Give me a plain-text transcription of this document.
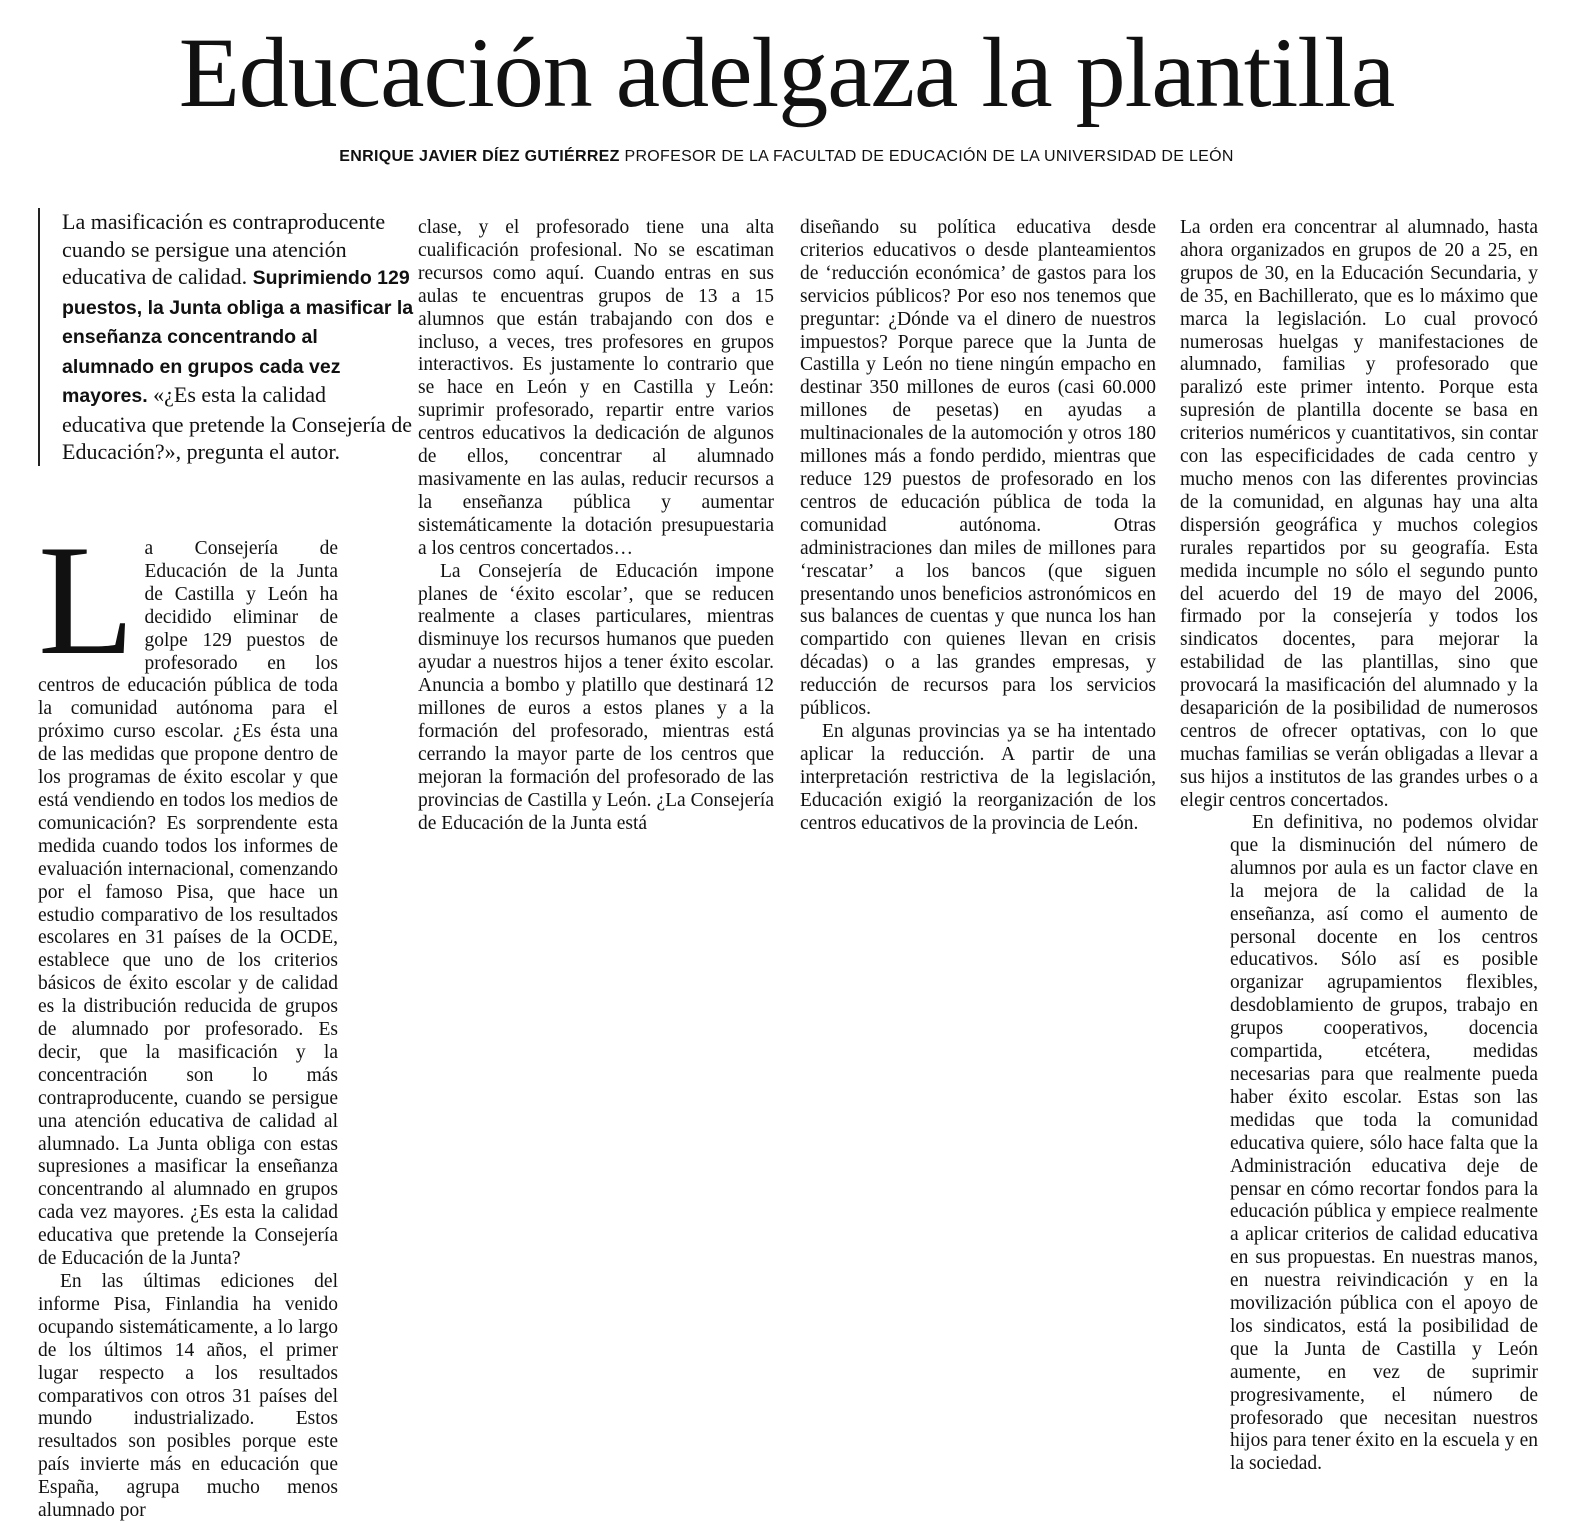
Educación adelgaza la plantilla
ENRIQUE JAVIER DÍEZ GUTIÉRREZ PROFESOR DE LA FACULTAD DE EDUCACIÓN DE LA UNIVERSIDAD DE LEÓN
La masificación es contraproducente cuando se persigue una atención educativa de calidad. Suprimiendo 129 puestos, la Junta obliga a masificar la enseñanza concentrando al alumnado en grupos cada vez mayores. «¿Es esta la calidad educativa que pretende la Consejería de Educación?», pregunta el autor.

La Consejería de Educación de la Junta de Castilla y León ha decidido eliminar de golpe 129 puestos de profesorado en los centros de educación pública de toda la comunidad autónoma para el próximo curso escolar. ¿Es ésta una de las medidas que propone dentro de los programas de éxito escolar y que está vendiendo en todos los medios de comunicación? Es sorprendente esta medida cuando todos los informes de evaluación internacional, comenzando por el famoso Pisa, que hace un estudio comparativo de los resultados escolares en 31 países de la OCDE, establece que uno de los criterios básicos de éxito escolar y de calidad es la distribución reducida de grupos de alumnado por profesorado. Es decir, que la masificación y la concentración son lo más contraproducente, cuando se persigue una atención educativa de calidad al alumnado. La Junta obliga con estas supresiones a masificar la enseñanza concentrando al alumnado en grupos cada vez mayores. ¿Es esta la calidad educativa que pretende la Consejería de Educación de la Junta?

En las últimas ediciones del informe Pisa, Finlandia ha venido ocupando sistemáticamente, a lo largo de los últimos 14 años, el primer lugar respecto a los resultados comparativos con otros 31 países del mundo industrializado. Estos resultados son posibles porque este país invierte más en educación que España, agrupa mucho menos alumnado por

clase, y el profesorado tiene una alta cualificación profesional. No se escatiman recursos como aquí. Cuando entras en sus aulas te encuentras grupos de 13 a 15 alumnos que están trabajando con dos e incluso, a veces, tres profesores en grupos interactivos. Es justamente lo contrario que se hace en León y en Castilla y León: suprimir profesorado, repartir entre varios centros educativos la dedicación de algunos de ellos, concentrar al alumnado masivamente en las aulas, reducir recursos a la enseñanza pública y aumentar sistemáticamente la dotación presupuestaria a los centros concertados…

La Consejería de Educación impone planes de ‘éxito escolar’, que se reducen realmente a clases particulares, mientras disminuye los recursos humanos que pueden ayudar a nuestros hijos a tener éxito escolar. Anuncia a bombo y platillo que destinará 12 millones de euros a estos planes y a la formación del profesorado, mientras está cerrando la mayor parte de los centros que mejoran la formación del profesorado de las provincias de Castilla y León. ¿La Consejería de Educación de la Junta está

diseñando su política educativa desde criterios educativos o desde planteamientos de ‘reducción económica’ de gastos para los servicios públicos? Por eso nos tenemos que preguntar: ¿Dónde va el dinero de nuestros impuestos? Porque parece que la Junta de Castilla y León no tiene ningún empacho en destinar 350 millones de euros (casi 60.000 millones de pesetas) en ayudas a multinacionales de la automoción y otros 180 millones más a fondo perdido, mientras que reduce 129 puestos de profesorado en los centros de educación pública de toda la comunidad autónoma. Otras administraciones dan miles de millones para ‘rescatar’ a los bancos (que siguen presentando unos beneficios astronómicos en sus balances de cuentas y que nunca los han compartido con quienes llevan en crisis décadas) o a las grandes empresas, y reducción de recursos para los servicios públicos.

En algunas provincias ya se ha intentado aplicar la reducción. A partir de una interpretación restrictiva de la legislación, Educación exigió la reorganización de los centros educativos de la provincia de León.

La orden era concentrar al alumnado, hasta ahora organizados en grupos de 20 a 25, en grupos de 30, en la Educación Secundaria, y de 35, en Bachillerato, que es lo máximo que marca la legislación. Lo cual provocó numerosas huelgas y manifestaciones de alumnado, familias y profesorado que paralizó este primer intento. Porque esta supresión de plantilla docente se basa en criterios numéricos y cuantitativos, sin contar con las especificidades de cada centro y mucho menos con las diferentes provincias de la comunidad, en algunas hay una alta dispersión geográfica y muchos colegios rurales repartidos por su geografía. Esta medida incumple no sólo el segundo punto del acuerdo del 19 de mayo del 2006, firmado por la consejería y todos los sindicatos docentes, para mejorar la estabilidad de las plantillas, sino que provocará la masificación del alumnado y la desaparición de la posibilidad de numerosos centros de ofrecer optativas, con lo que muchas familias se verán obligadas a llevar a sus hijos a institutos de las grandes urbes o a elegir centros concertados.

En definitiva, no podemos olvidar que la disminución del número de alumnos por aula es un factor clave en la mejora de la calidad de la enseñanza, así como el aumento de personal docente en los centros educativos. Sólo así es posible organizar agrupamientos flexibles, desdoblamiento de grupos, trabajo en grupos cooperativos, docencia compartida, etcétera, medidas necesarias para que realmente pueda haber éxito escolar. Estas son las medidas que toda la comunidad educativa quiere, sólo hace falta que la Administración educativa deje de pensar en cómo recortar fondos para la educación pública y empiece realmente a aplicar criterios de calidad educativa en sus propuestas. En nuestras manos, en nuestra reivindicación y en la movilización pública con el apoyo de los sindicatos, está la posibilidad de que la Junta de Castilla y León aumente, en vez de suprimir progresivamente, el número de profesorado que necesitan nuestros hijos para tener éxito en la escuela y en la sociedad.
